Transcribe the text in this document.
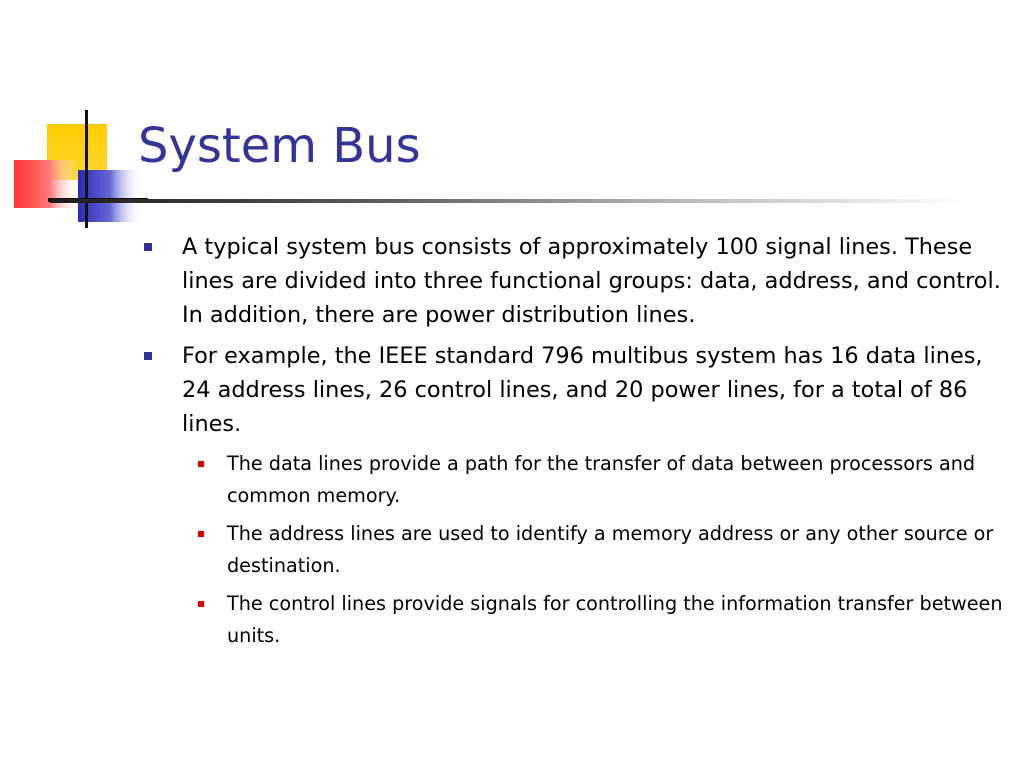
System Bus
A typical system bus consists of approximately 100 signal lines. These lines are divided into three functional groups: data, address, and control. In addition, there are power distribution lines.
For example, the IEEE standard 796 multibus system has 16 data lines, 24 address lines, 26 control lines, and 20 power lines, for a total of 86 lines.
The data lines provide a path for the transfer of data between processors and common memory.
The address lines are used to identify a memory address or any other source or destination.
The control lines provide signals for controlling the information transfer between units.
